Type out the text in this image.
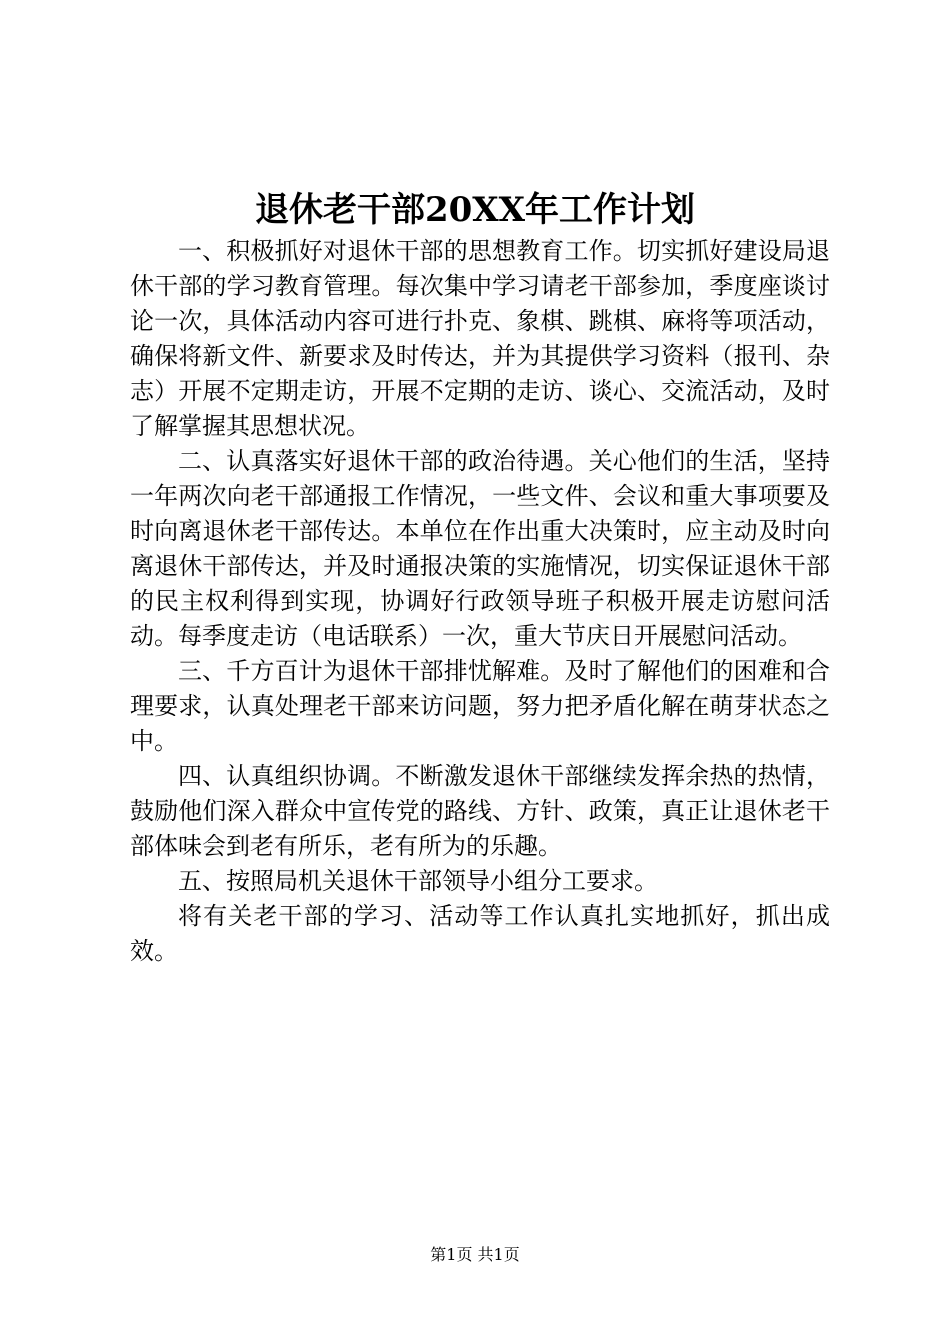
退休老干部20XX年工作计划

一、积极抓好对退休干部的思想教育工作。切实抓好建设局退休干部的学习教育管理。每次集中学习请老干部参加，季度座谈讨论一次，具体活动内容可进行扑克、象棋、跳棋、麻将等项活动，确保将新文件、新要求及时传达，并为其提供学习资料（报刊、杂志）开展不定期走访，开展不定期的走访、谈心、交流活动，及时了解掌握其思想状况。

二、认真落实好退休干部的政治待遇。关心他们的生活，坚持一年两次向老干部通报工作情况，一些文件、会议和重大事项要及时向离退休老干部传达。本单位在作出重大决策时，应主动及时向离退休干部传达，并及时通报决策的实施情况，切实保证退休干部的民主权利得到实现，协调好行政领导班子积极开展走访慰问活动。每季度走访（电话联系）一次，重大节庆日开展慰问活动。

三、千方百计为退休干部排忧解难。及时了解他们的困难和合理要求，认真处理老干部来访问题，努力把矛盾化解在萌芽状态之中。

四、认真组织协调。不断激发退休干部继续发挥余热的热情，鼓励他们深入群众中宣传党的路线、方针、政策，真正让退休老干部体味会到老有所乐，老有所为的乐趣。

五、按照局机关退休干部领导小组分工要求。

将有关老干部的学习、活动等工作认真扎实地抓好，抓出成效。

第1页 共1页
